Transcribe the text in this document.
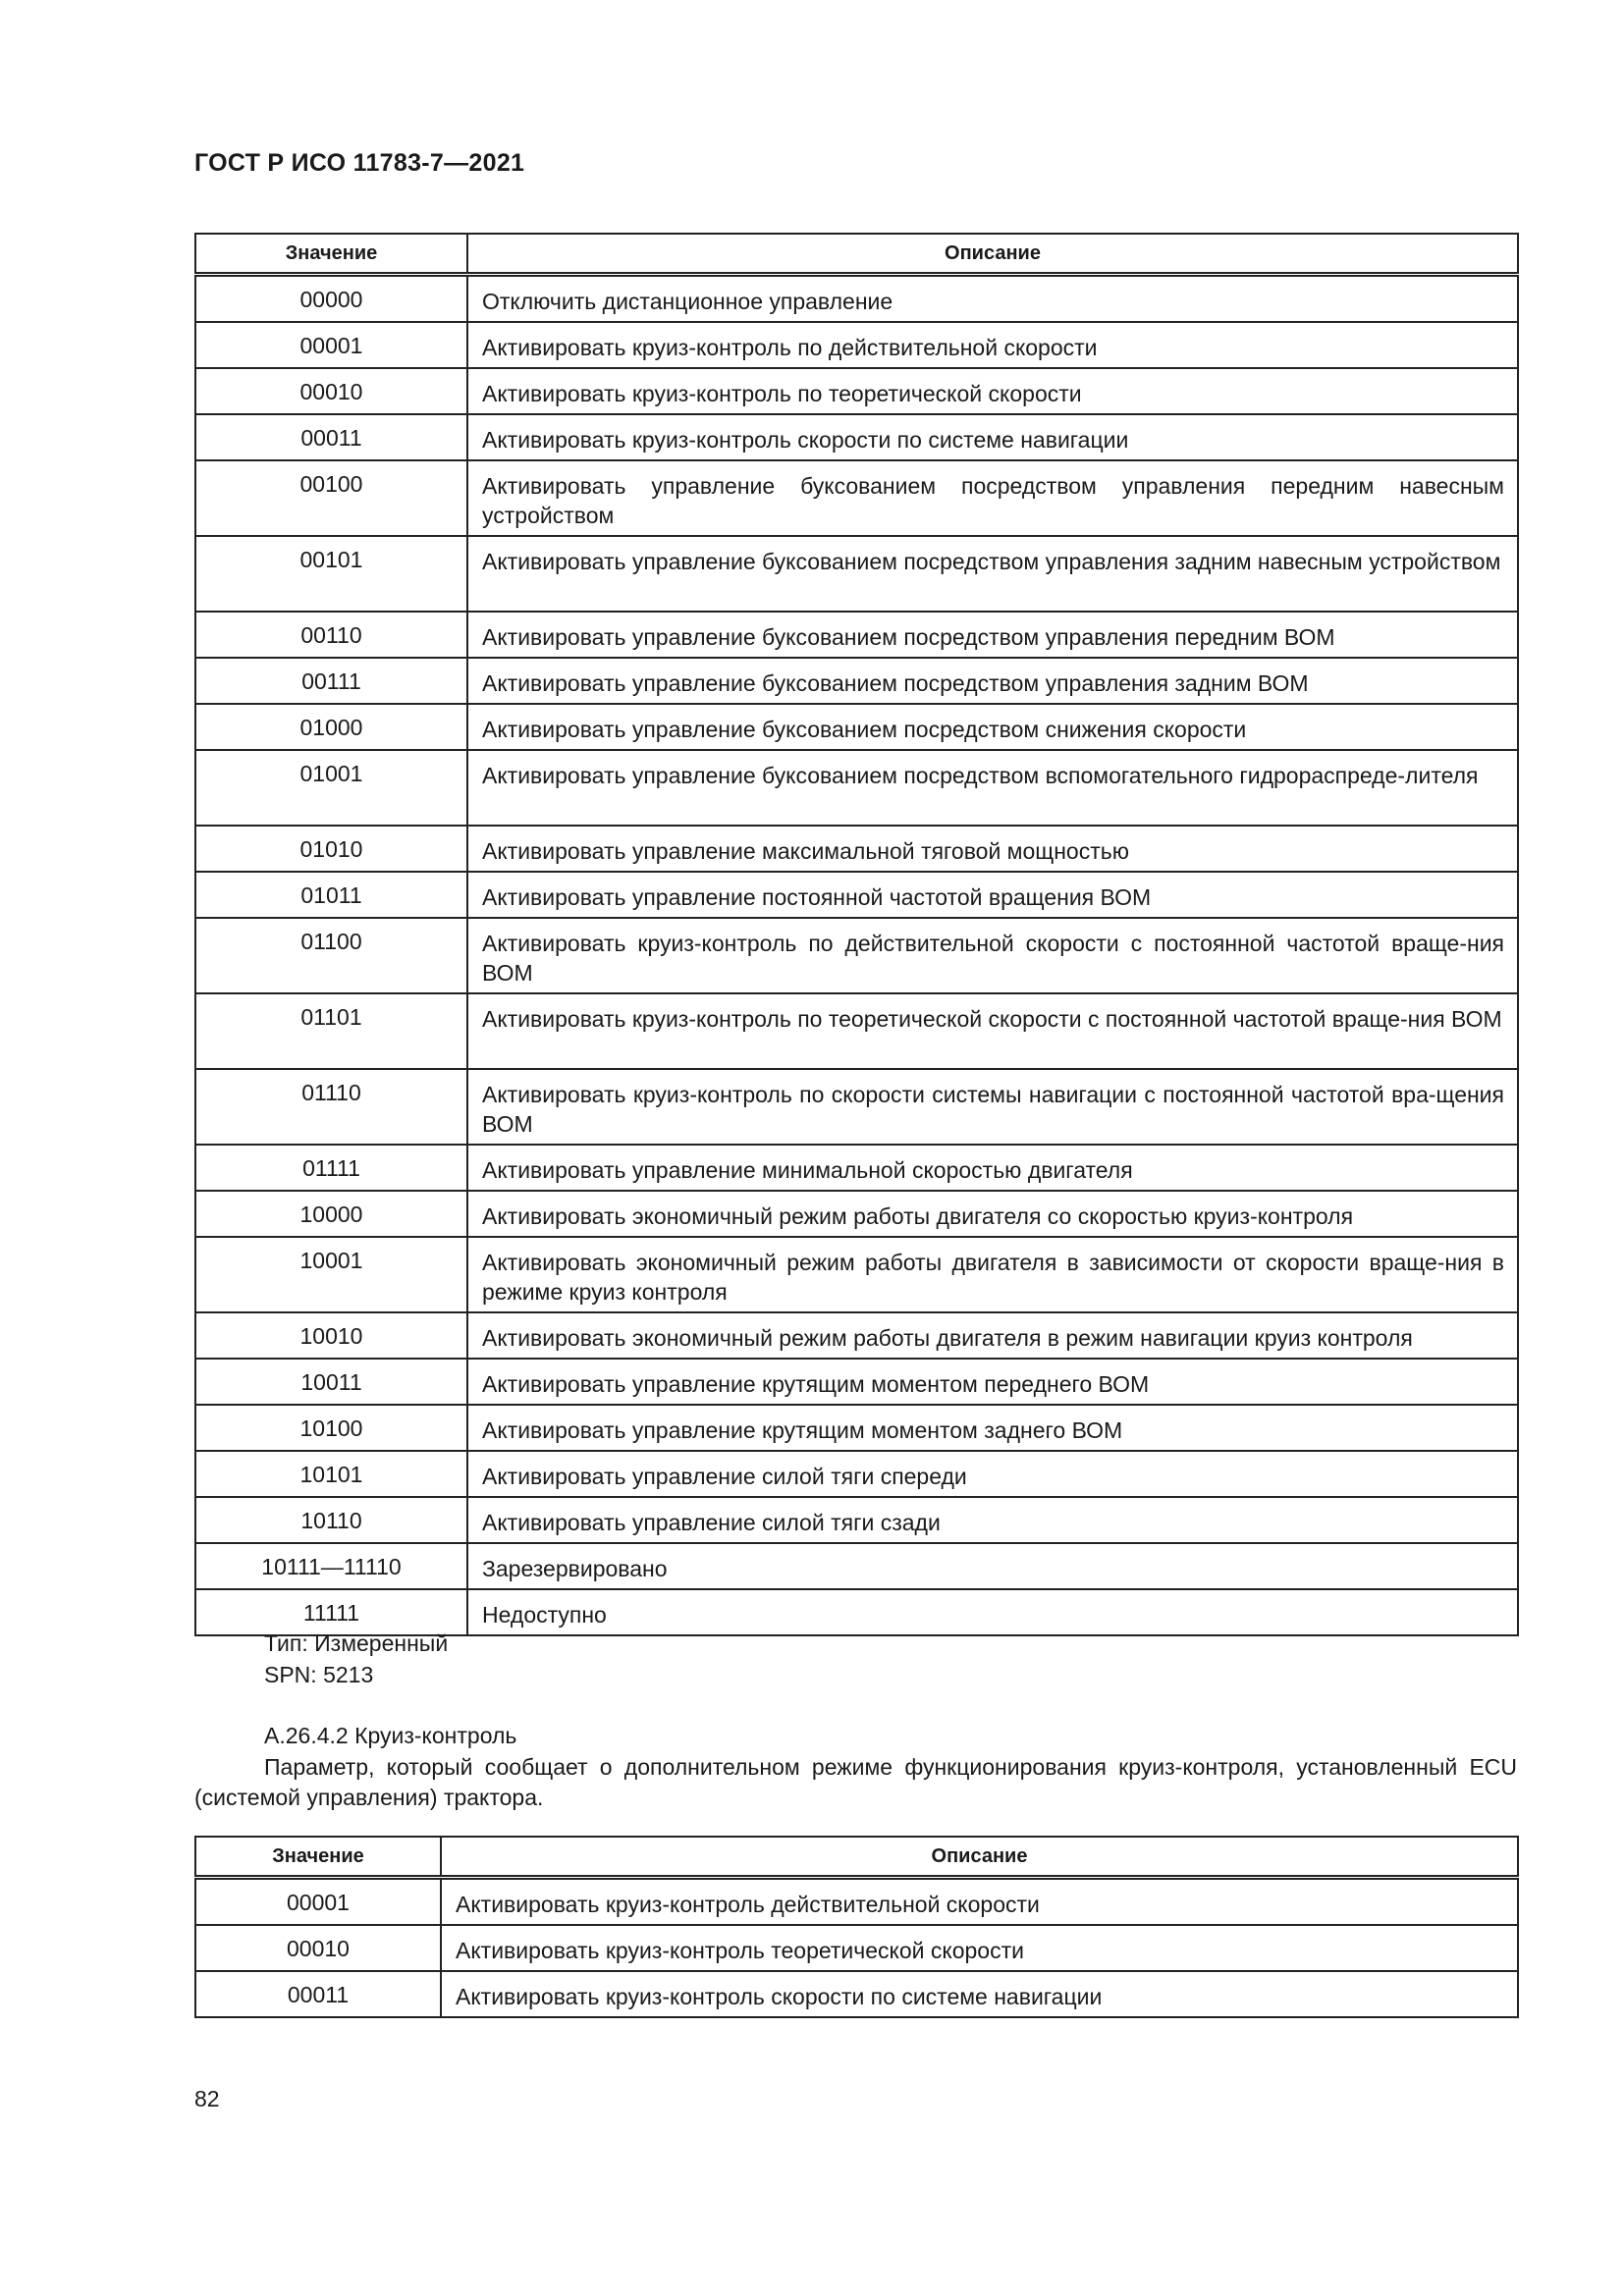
ГОСТ Р ИСО 11783-7—2021
Значение	Описание
00000	Отключить дистанционное управление
00001	Активировать круиз-контроль по действительной скорости
00010	Активировать круиз-контроль по теоретической скорости
00011	Активировать круиз-контроль скорости по системе навигации
00100	Активировать управление буксованием посредством управления передним навесным устройством
00101	Активировать управление буксованием посредством управления задним навесным устройством
00110	Активировать управление буксованием посредством управления передним ВОМ
00111	Активировать управление буксованием посредством управления задним ВОМ
01000	Активировать управление буксованием посредством снижения скорости
01001	Активировать управление буксованием посредством вспомогательного гидрораспреде-лителя
01010	Активировать управление максимальной тяговой мощностью
01011	Активировать управление постоянной частотой вращения ВОМ
01100	Активировать круиз-контроль по действительной скорости с постоянной частотой враще-ния ВОМ
01101	Активировать круиз-контроль по теоретической скорости с постоянной частотой враще-ния ВОМ
01110	Активировать круиз-контроль по скорости системы навигации с постоянной частотой вра-щения ВОМ
01111	Активировать управление минимальной скоростью двигателя
10000	Активировать экономичный режим работы двигателя со скоростью круиз-контроля
10001	Активировать экономичный режим работы двигателя в зависимости от скорости враще-ния в режиме круиз контроля
10010	Активировать экономичный режим работы двигателя в режим навигации круиз контроля
10011	Активировать управление крутящим моментом переднего ВОМ
10100	Активировать управление крутящим моментом заднего ВОМ
10101	Активировать управление силой тяги спереди
10110	Активировать управление силой тяги сзади
10111—11110	Зарезервировано
11111	Недоступно
Тип: Измеренный
SPN: 5213
А.26.4.2 Круиз-контроль
Параметр, который сообщает о дополнительном режиме функционирования круиз-контроля, установленный ECU (системой управления) трактора.
Значение	Описание
00001	Активировать круиз-контроль действительной скорости
00010	Активировать круиз-контроль теоретической скорости
00011	Активировать круиз-контроль скорости по системе навигации
82
